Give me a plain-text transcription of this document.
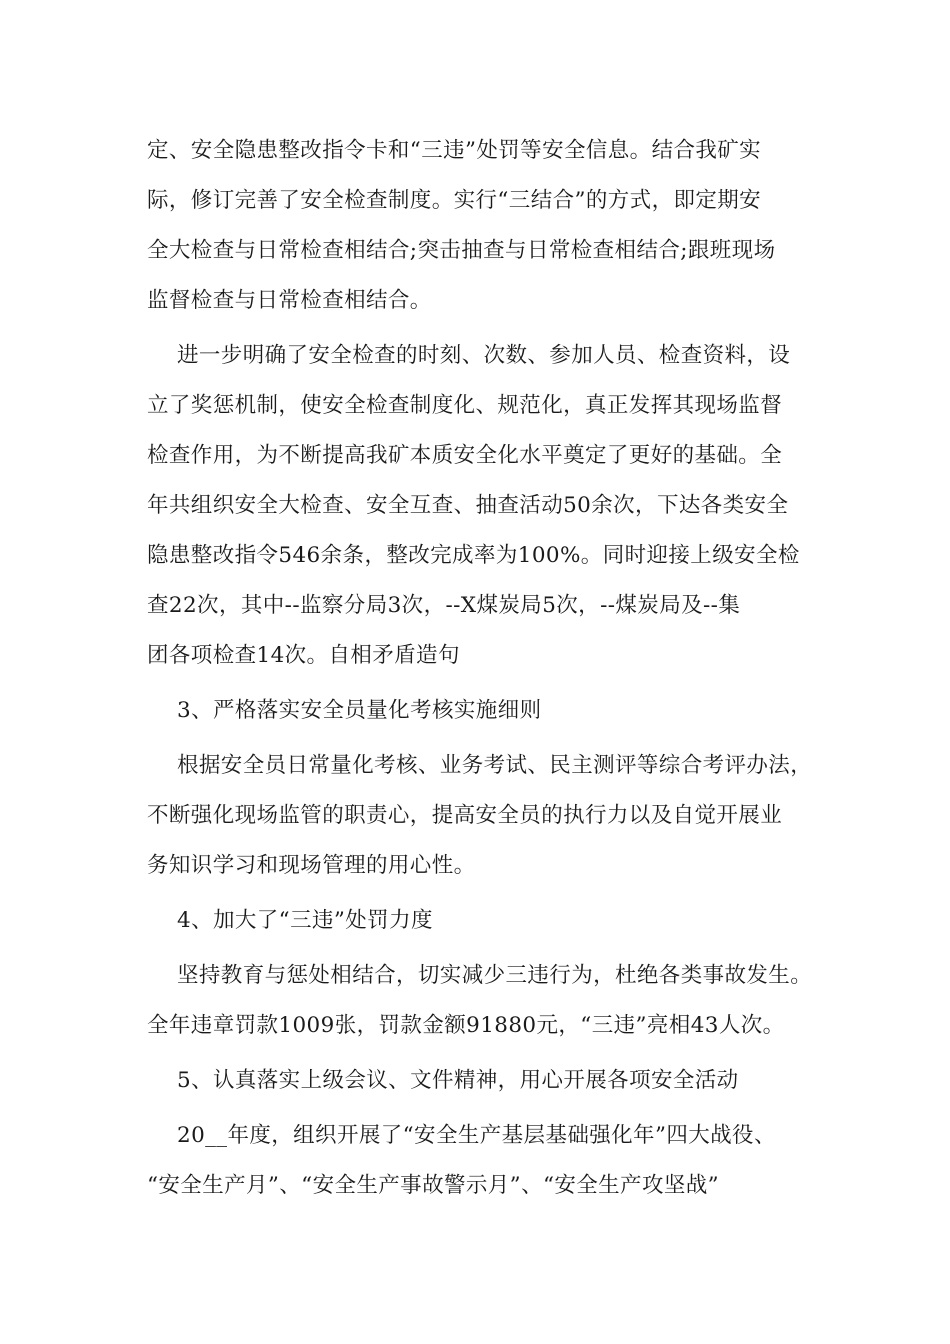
定、安全隐患整改指令卡和“三违”处罚等安全信息。结合我矿实

际，修订完善了安全检查制度。实行“三结合”的方式，即定期安

全大检查与日常检查相结合;突击抽查与日常检查相结合;跟班现场

监督检查与日常检查相结合。

进一步明确了安全检查的时刻、次数、参加人员、检查资料，设

立了奖惩机制，使安全检查制度化、规范化，真正发挥其现场监督

检查作用，为不断提高我矿本质安全化水平奠定了更好的基础。全

年共组织安全大检查、安全互查、抽查活动50余次，下达各类安全

隐患整改指令546余条，整改完成率为100%。同时迎接上级安全检

查22次，其中--监察分局3次，--X煤炭局5次，--煤炭局及--集

团各项检查14次。自相矛盾造句

3、严格落实安全员量化考核实施细则

根据安全员日常量化考核、业务考试、民主测评等综合考评办法，

不断强化现场监管的职责心，提高安全员的执行力以及自觉开展业

务知识学习和现场管理的用心性。

4、加大了“三违”处罚力度

坚持教育与惩处相结合，切实减少三违行为，杜绝各类事故发生。

全年违章罚款1009张，罚款金额91880元，“三违”亮相43人次。

5、认真落实上级会议、文件精神，用心开展各项安全活动

20__年度，组织开展了“安全生产基层基础强化年”四大战役、

“安全生产月”、“安全生产事故警示月”、“安全生产攻坚战”
